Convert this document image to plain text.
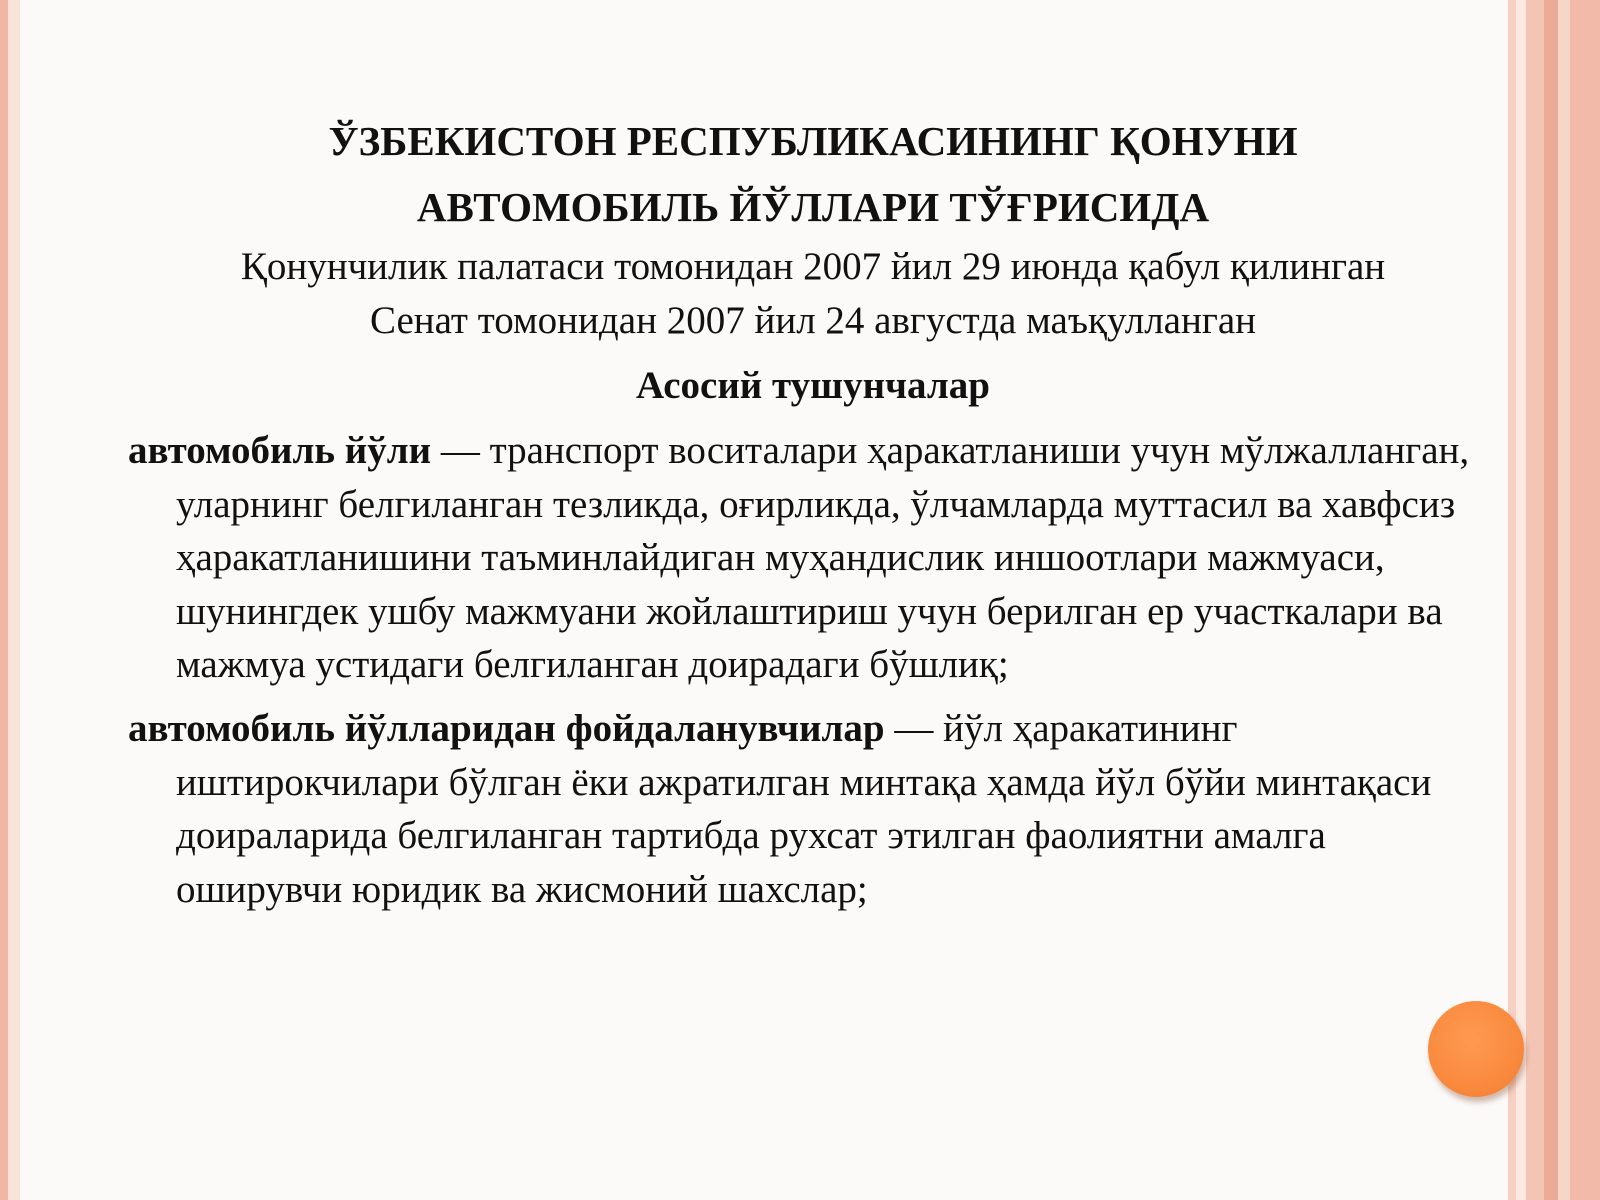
ЎЗБЕКИСТОН РЕСПУБЛИКАСИНИНГ ҚОНУНИ
АВТОМОБИЛЬ ЙЎЛЛАРИ ТЎҒРИСИДА
Қонунчилик палатаси томонидан 2007 йил 29 июнда қабул қилинган
Сенат томонидан 2007 йил 24 августда маъқулланган
Асосий тушунчалар
автомобиль йўли — транспорт воситалари ҳаракатланиши учун мўлжалланган, уларнинг белгиланган тезликда, оғирликда, ўлчамларда муттасил ва хавфсиз ҳаракатланишини таъминлайдиган муҳандислик иншоотлари мажмуаси, шунингдек ушбу мажмуани жойлаштириш учун берилган ер участкалари ва мажмуа устидаги белгиланган доирадаги бўшлиқ;
автомобиль йўлларидан фойдаланувчилар — йўл ҳаракатининг иштирокчилари бўлган ёки ажратилган минтақа ҳамда йўл бўйи минтақаси доираларида белгиланган тартибда рухсат этилган фаолиятни амалга оширувчи юридик ва жисмоний шахслар;
